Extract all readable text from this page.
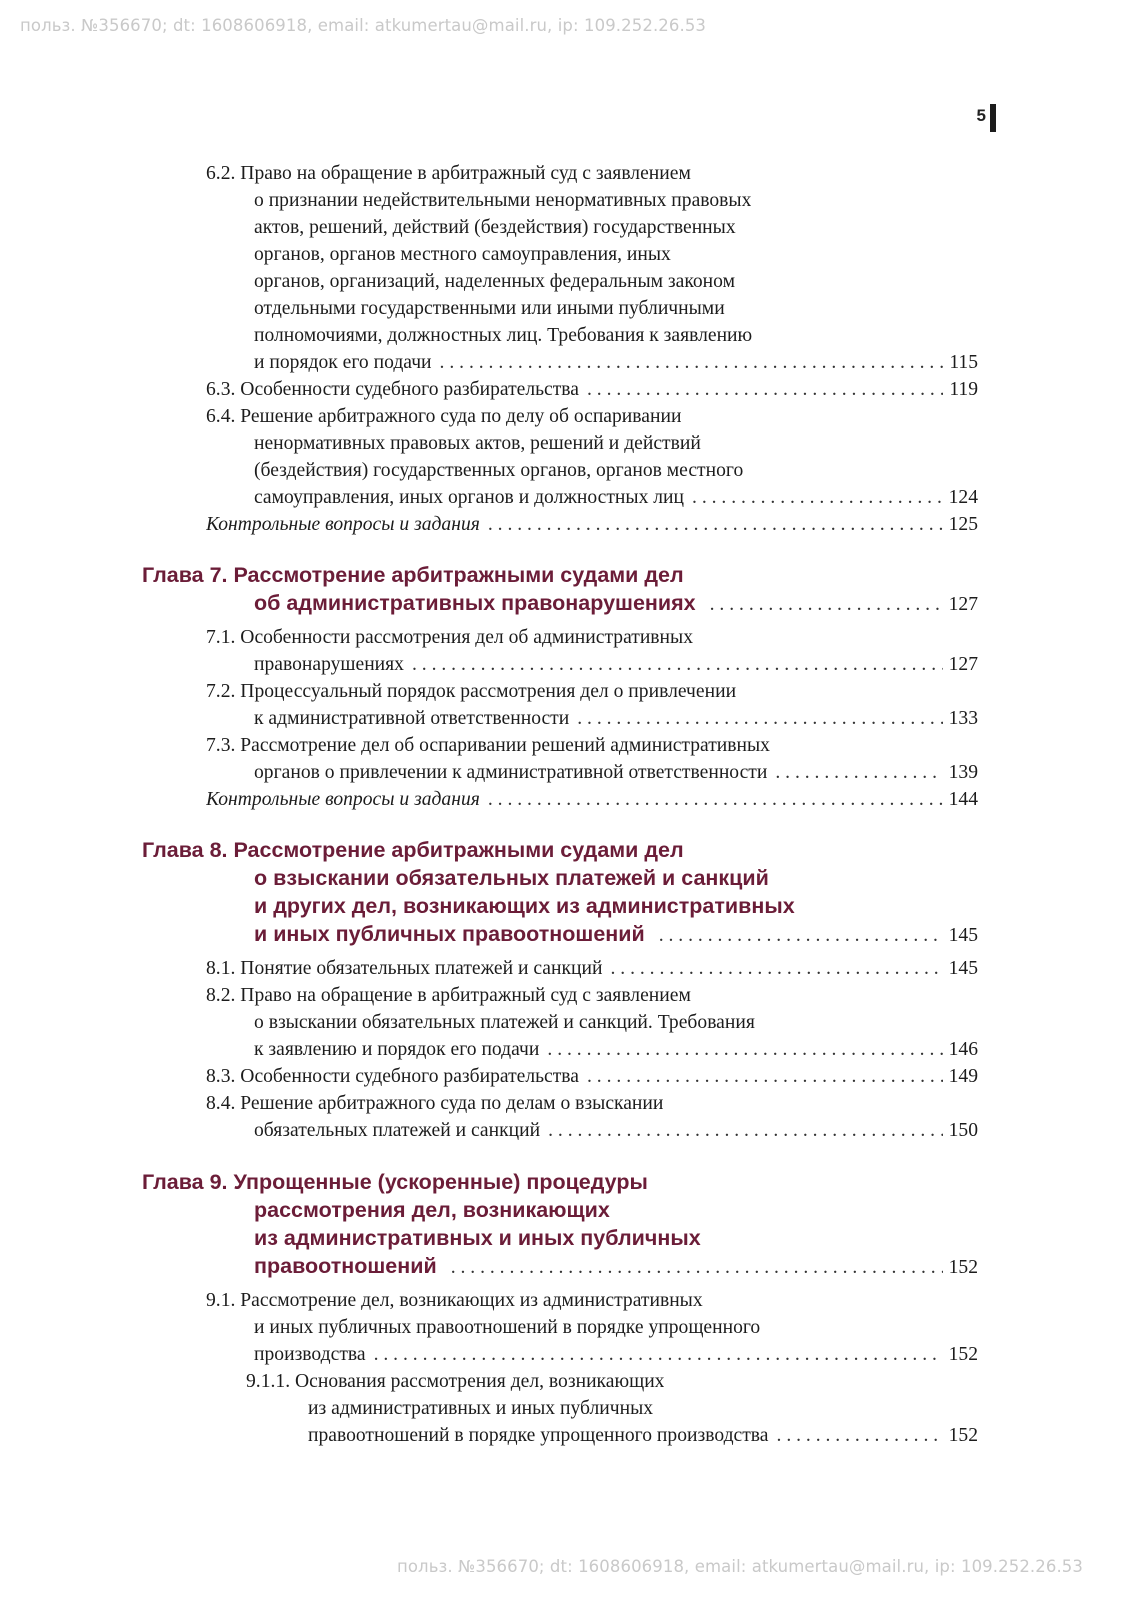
польз. №356670; dt: 1608606918, email: atkumertau@mail.ru, ip: 109.252.26.53
5
6.2. Право на обращение в арбитражный суд с заявлением
о признании недействительными ненормативных правовых
актов, решений, действий (бездействия) государственных
органов, органов местного самоуправления, иных
органов, организаций, наделенных федеральным законом
отдельными государственными или иными публичными
полномочиями, должностных лиц. Требования к заявлению
и порядок его подачи . . .	115
6.3. Особенности судебного разбирательства . . .	119
6.4. Решение арбитражного суда по делу об оспаривании
ненормативных правовых актов, решений и действий
(бездействия) государственных органов, органов местного
самоуправления, иных органов и должностных лиц . . .	124
Контрольные вопросы и задания . . .	125
Глава 7. Рассмотрение арбитражными судами дел
об административных правонарушениях . . .	127
7.1. Особенности рассмотрения дел об административных
правонарушениях . . .	127
7.2. Процессуальный порядок рассмотрения дел о привлечении
к административной ответственности . . .	133
7.3. Рассмотрение дел об оспаривании решений административных
органов о привлечении к административной ответственности . . .	139
Контрольные вопросы и задания . . .	144
Глава 8. Рассмотрение арбитражными судами дел
о взыскании обязательных платежей и санкций
и других дел, возникающих из административных
и иных публичных правоотношений . . .	145
8.1. Понятие обязательных платежей и санкций . . .	145
8.2. Право на обращение в арбитражный суд с заявлением
о взыскании обязательных платежей и санкций. Требования
к заявлению и порядок его подачи . . .	146
8.3. Особенности судебного разбирательства . . .	149
8.4. Решение арбитражного суда по делам о взыскании
обязательных платежей и санкций . . .	150
Глава 9. Упрощенные (ускоренные) процедуры
рассмотрения дел, возникающих
из административных и иных публичных
правоотношений . . .	152
9.1. Рассмотрение дел, возникающих из административных
и иных публичных правоотношений в порядке упрощенного
производства . . .	152
9.1.1. Основания рассмотрения дел, возникающих
из административных и иных публичных
правоотношений в порядке упрощенного производства . . .	152
польз. №356670; dt: 1608606918, email: atkumertau@mail.ru, ip: 109.252.26.53
